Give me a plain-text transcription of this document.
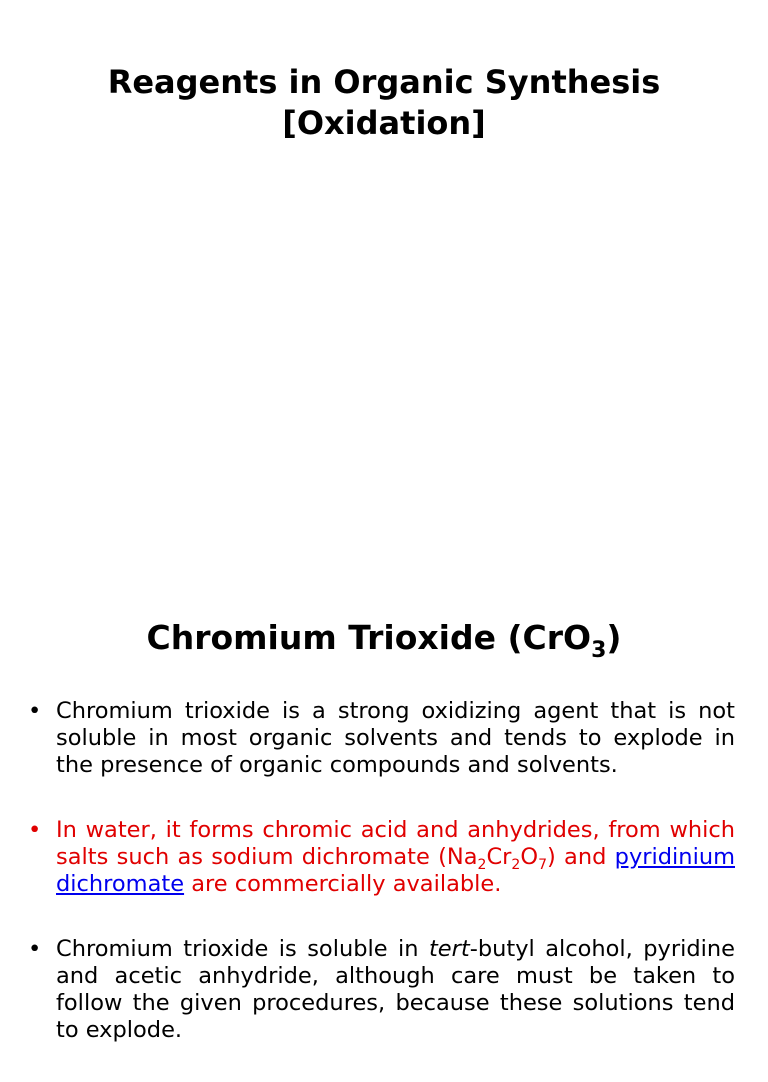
Reagents in Organic Synthesis
[Oxidation]
Chromium Trioxide (CrO$_3$)
• Chromium trioxide is a strong oxidizing agent that is not soluble in most organic solvents and tends to explode in the presence of organic compounds and solvents.
• In water, it forms chromic acid and anhydrides, from which salts such as sodium dichromate $(Na_2Cr_2O_7)$ and pyridinium dichromate are commercially available.
• Chromium trioxide is soluble in tert-butyl alcohol, pyridine and acetic anhydride, although care must be taken to follow the given procedures, because these solutions tend to explode.
